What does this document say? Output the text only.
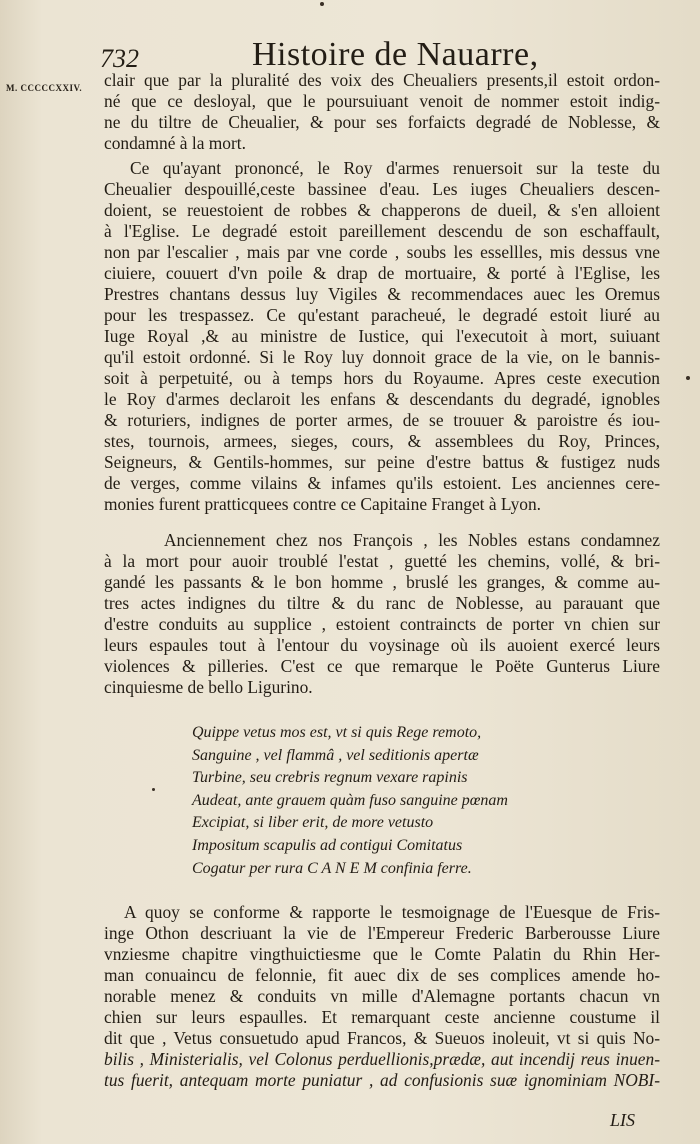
732	Histoire de Nauarre,
M. CCCCCXXIV. clair que par la pluralité des voix des Cheualiers presents,il estoit ordon-
né que ce desloyal, que le poursuiuant venoit de nommer estoit indig-
ne du tiltre de Cheualier, & pour ses forfaicts degradé de Noblesse, &
condamné à la mort.
Ce qu'ayant prononcé, le Roy d'armes renuersoit sur la teste du
Cheualier despouillé,ceste bassinee d'eau. Les iuges Cheualiers descen-
doient, se reuestoient de robbes & chapperons de dueil, & s'en alloient
à l'Eglise. Le degradé estoit pareillement descendu de son eschaffault,
non par l'escalier , mais par vne corde , soubs les essellles, mis dessus vne
ciuiere, couuert d'vn poile & drap de mortuaire, & porté à l'Eglise, les
Prestres chantans dessus luy Vigiles & recommendaces auec les Oremus
pour les trespassez. Ce qu'estant paracheué, le degradé estoit liuré au
Iuge Royal ,& au ministre de Iustice, qui l'executoit à mort, suiuant
qu'il estoit ordonné. Si le Roy luy donnoit grace de la vie, on le bannis-
soit à perpetuité, ou à temps hors du Royaume. Apres ceste execution
le Roy d'armes declaroit les enfans & descendants du degradé, ignobles
& roturiers, indignes de porter armes, de se trouuer & paroistre és iou-
stes, tournois, armees, sieges, cours, & assemblees du Roy, Princes,
Seigneurs, & Gentils-hommes, sur peine d'estre battus & fustigez nuds
de verges, comme vilains & infames qu'ils estoient. Les anciennes cere-
monies furent pratticquees contre ce Capitaine Franget à Lyon.
Anciennement chez nos François , les Nobles estans condamnez
à la mort pour auoir troublé l'estat , guetté les chemins, vollé, & bri-
gandé les passants & le bon homme , bruslé les granges, & comme au-
tres actes indignes du tiltre & du ranc de Noblesse, au parauant que
d'estre conduits au supplice , estoient contraincts de porter vn chien sur
leurs espaules tout à l'entour du voysinage où ils auoient exercé leurs
violences & pilleries. C'est ce que remarque le Poëte Gunterus Liure
cinquiesme de bello Ligurino.
Quippe vetus mos est, vt si quis Rege remoto,
Sanguine , vel flammâ , vel seditionis apertæ
Turbine, seu crebris regnum vexare rapinis
Audeat, ante grauem quàm fuso sanguine pœnam
Excipiat, si liber erit, de more vetusto
Impositum scapulis ad contigui Comitatus
Cogatur per rura C A N E M confinia ferre.
A quoy se conforme & rapporte le tesmoignage de l'Euesque de Fris-
inge Othon descriuant la vie de l'Empereur Frederic Barberousse Liure
vnziesme chapitre vingthuictiesme que le Comte Palatin du Rhin Her-
man conuaincu de felonnie, fit auec dix de ses complices amende ho-
norable menez & conduits vn mille d'Alemagne portants chacun vn
chien sur leurs espaulles. Et remarquant ceste ancienne coustume il
dit que , Vetus consuetudo apud Francos, & Sueuos inoleuit, vt si quis No-
bilis , Ministerialis, vel Colonus perduellionis,prædæ, aut incendij reus inuen-
tus fuerit, antequam morte puniatur , ad confusionis suæ ignominiam NOBI-
LIS
